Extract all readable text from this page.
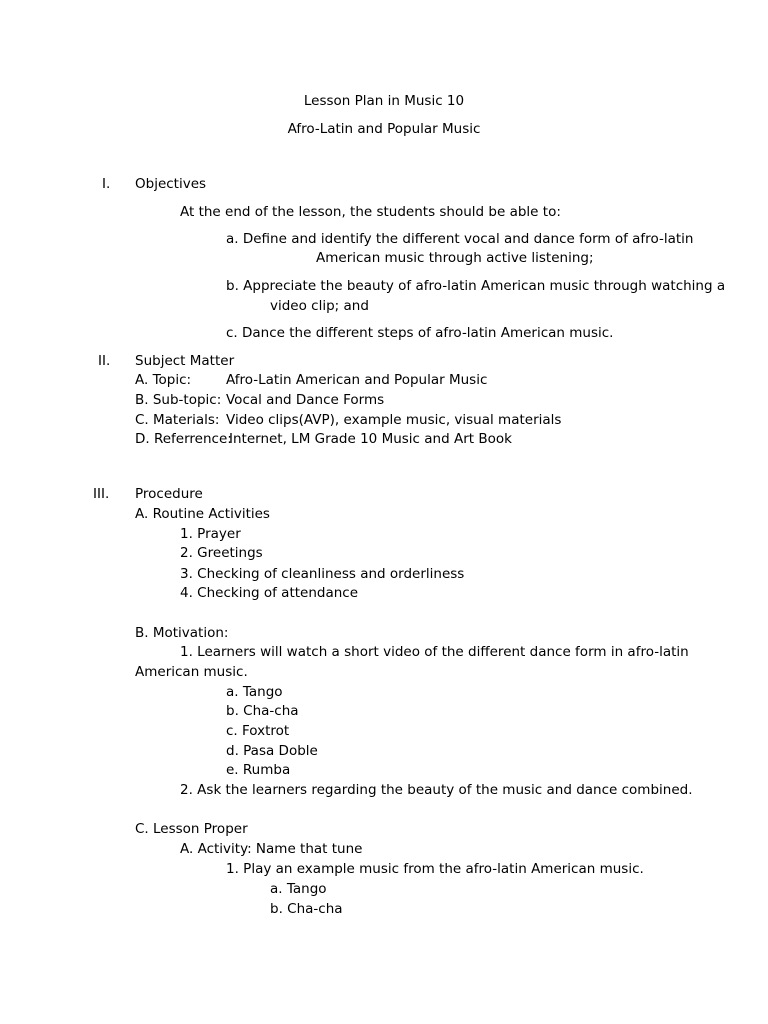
Lesson Plan in Music 10
Afro-Latin and Popular Music
I. Objectives
At the end of the lesson, the students should be able to:
a. Define and identify the different vocal and dance form of afro-latin
American music through active listening;
b. Appreciate the beauty of afro-latin American music through watching a
video clip; and
c. Dance the different steps of afro-latin American music.
II. Subject Matter
A. Topic:	Afro-Latin American and Popular Music
B. Sub-topic: Vocal and Dance Forms
C. Materials: Video clips(AVP), example music, visual materials
D. Referrence:
Internet, LM Grade 10 Music and Art Book
III. Procedure
A. Routine Activities
1. Prayer
2. Greetings
3. Checking of cleanliness and orderliness
4. Checking of attendance
B. Motivation:
1. Learners will watch a short video of the different dance form in afro-latin
American music.
a. Tango
b. Cha-cha
c. Foxtrot
d. Pasa Doble
e. Rumba
2. Ask the learners regarding the beauty of the music and dance combined.
C. Lesson Proper
A. Activity: Name that tune
1. Play an example music from the afro-latin American music.
a. Tango
b. Cha-cha
